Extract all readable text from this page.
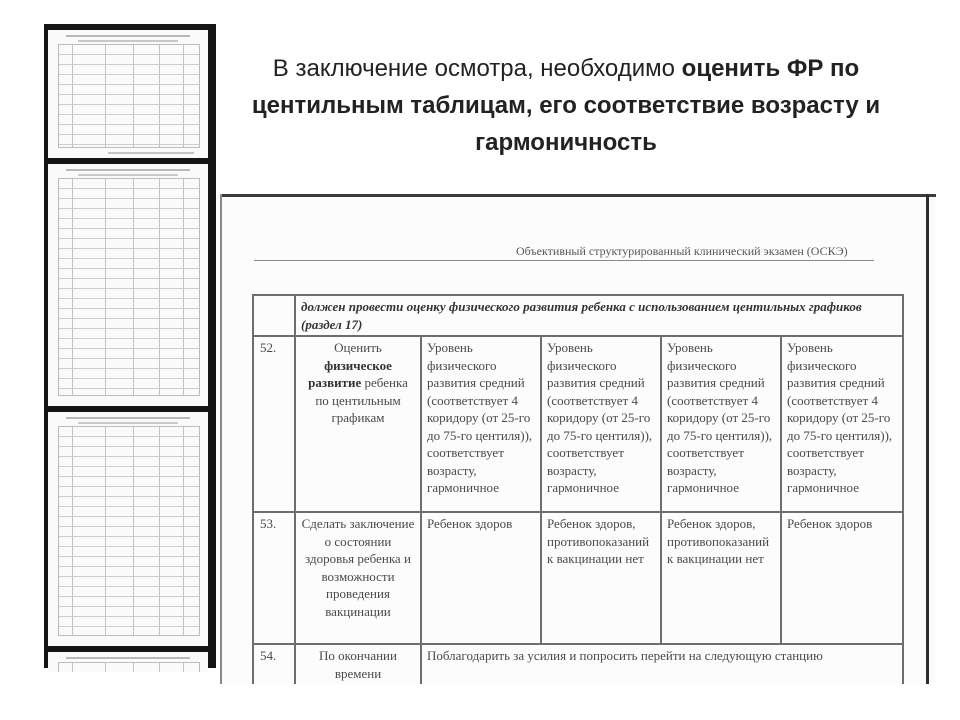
В заключение осмотра, необходимо оценить ФР по центильным таблицам, его соответствие возрасту и гармоничность

Объективный структурированный клинический экзамен (ОСКЭ)
	должен провести оценку физического развития ребенка с использованием центильных графиков (раздел 17)				
52.	Оценить физическое развитие ребенка по центильным графикам	Уровень физического развития средний (соответствует 4 коридору (от 25-го до 75-го центиля)), соответствует возрасту, гармоничное	Уровень физического развития средний (соответствует 4 коридору (от 25-го до 75-го центиля)), соответствует возрасту, гармоничное	Уровень физического развития средний (соответствует 4 коридору (от 25-го до 75-го центиля)), соответствует возрасту, гармоничное	Уровень физического развития средний (соответствует 4 коридору (от 25-го до 75-го центиля)), соответствует возрасту, гармоничное
53.	Сделать заключение о состоянии здоровья ребенка и возможности проведения вакцинации	Ребенок здоров	Ребенок здоров, противопоказаний к вакцинации нет	Ребенок здоров, противопоказаний к вакцинации нет	Ребенок здоров
54.	По окончании времени	Поблагодарить за усилия и попросить перейти на следующую станцию			
